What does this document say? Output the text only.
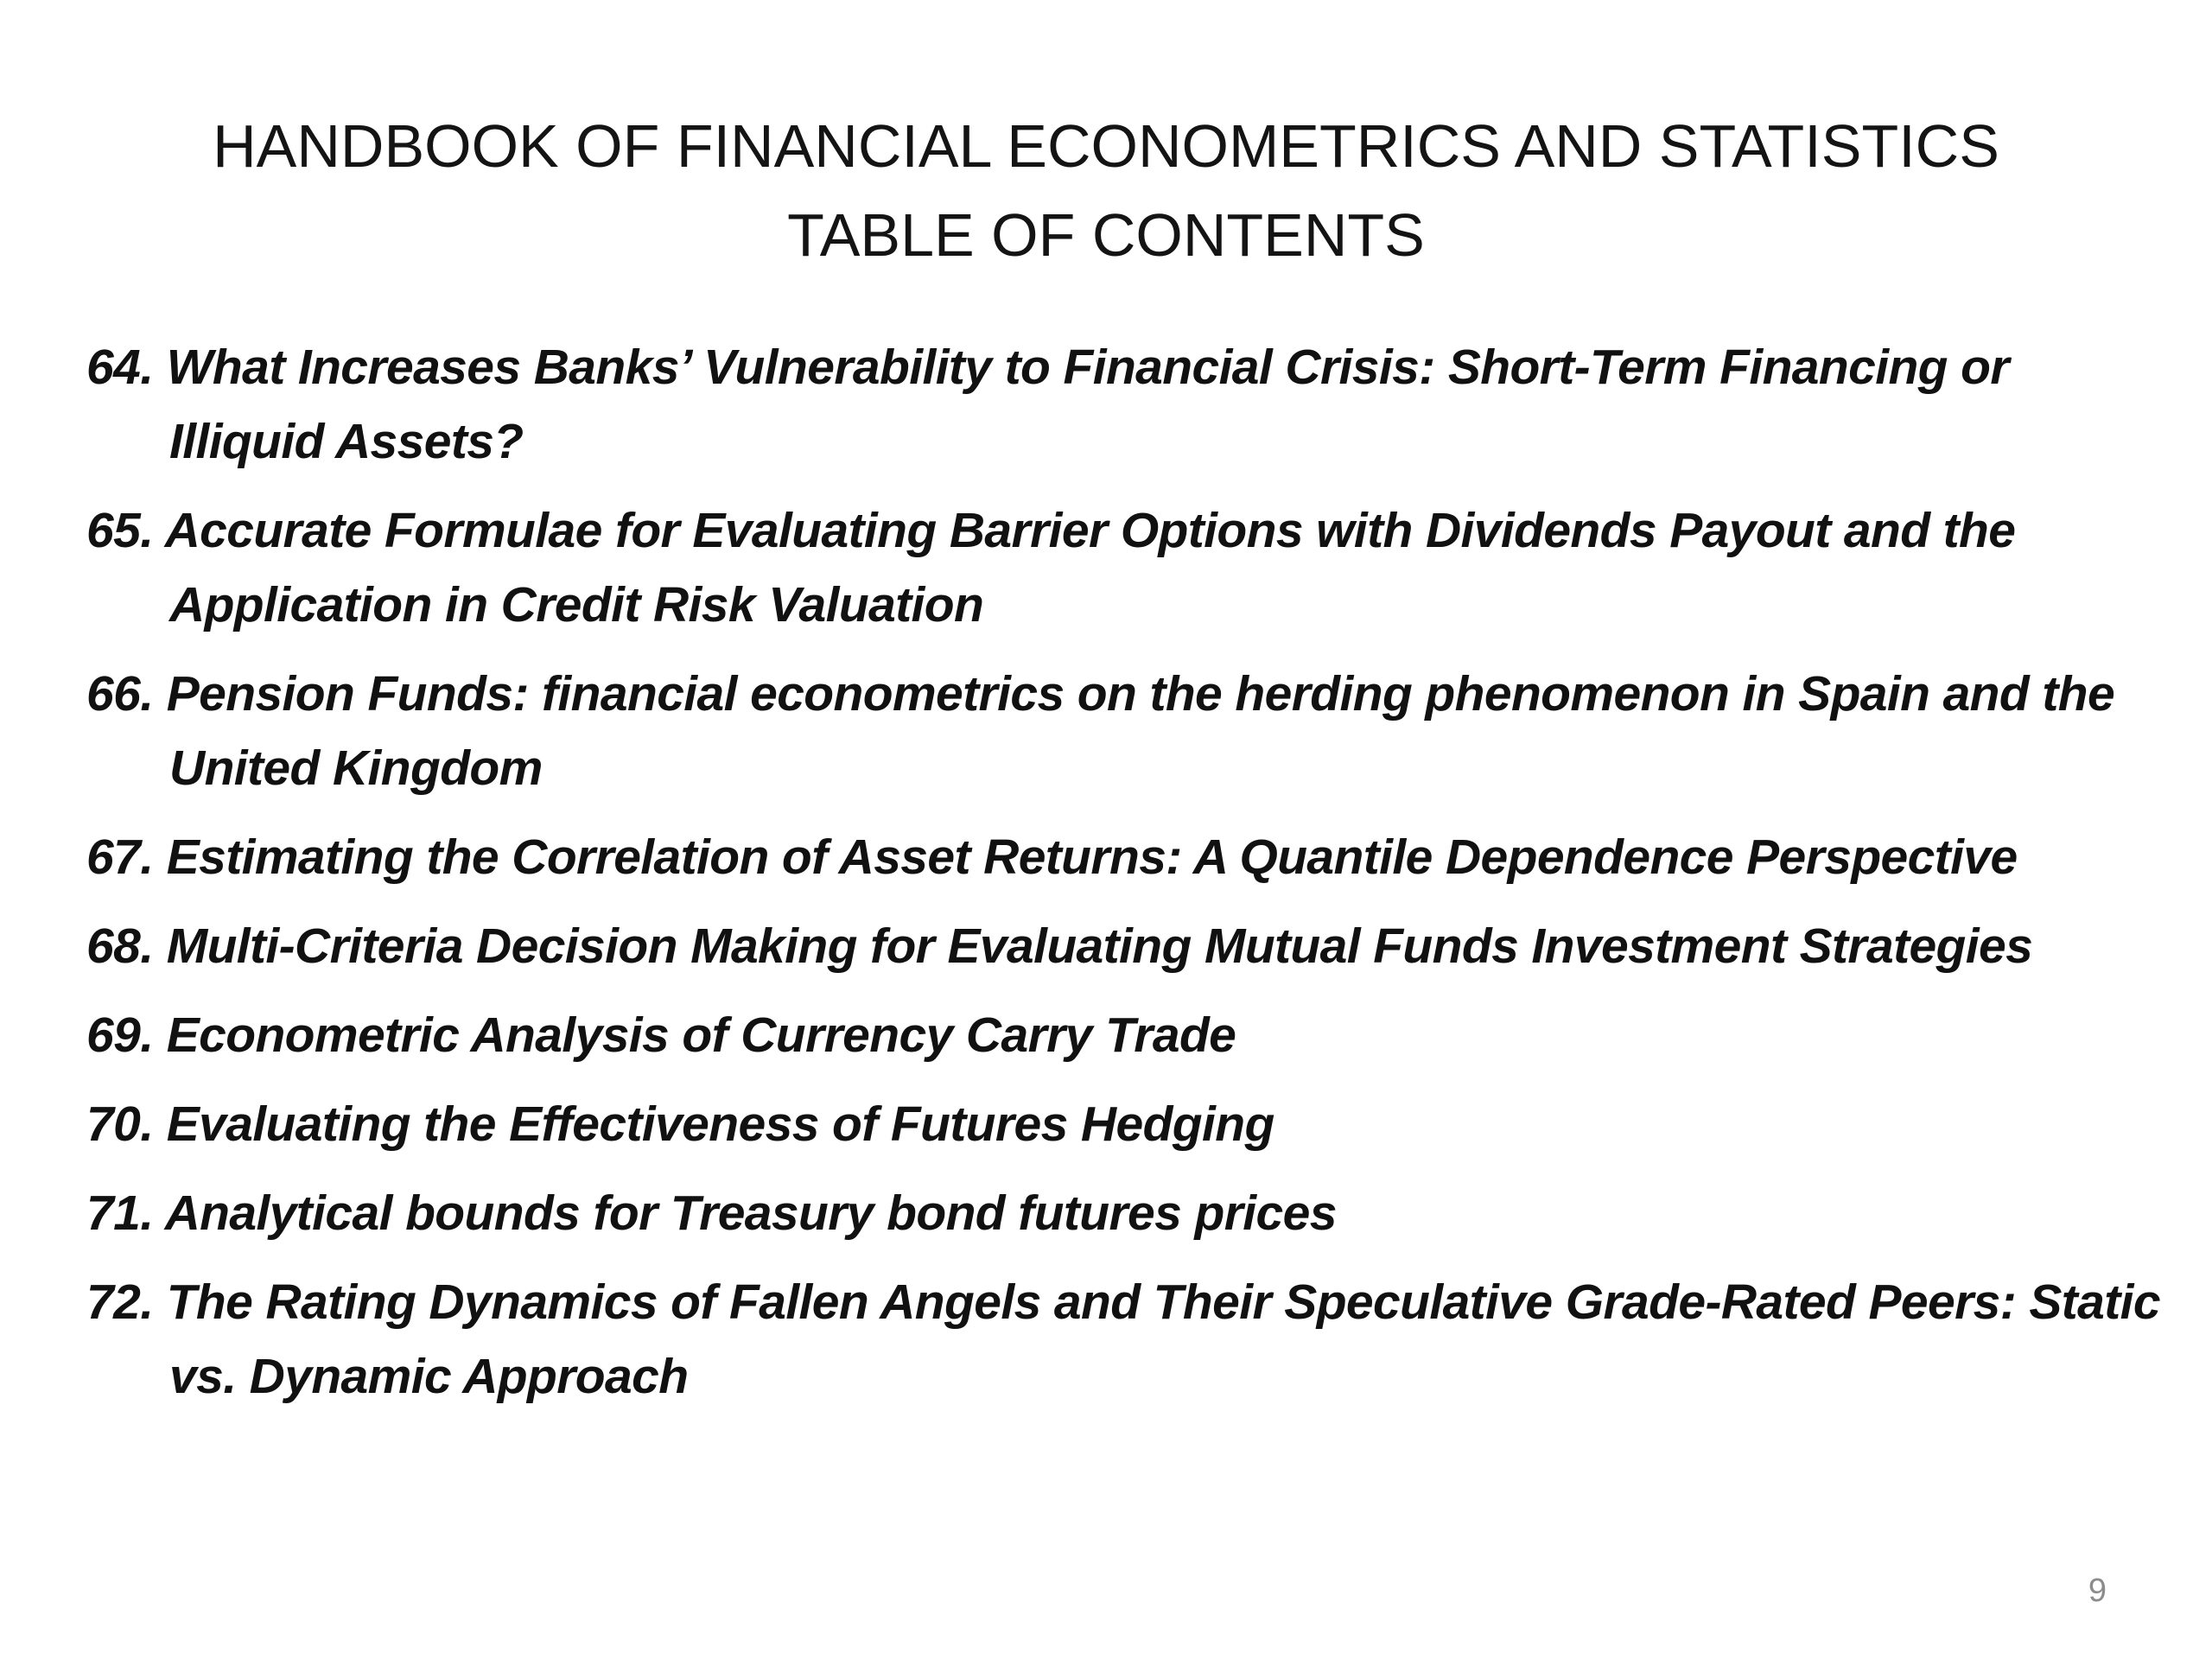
HANDBOOK OF FINANCIAL ECONOMETRICS AND STATISTICS
TABLE OF CONTENTS
64. What Increases Banks’ Vulnerability to Financial Crisis: Short-Term Financing or Illiquid Assets?
65. Accurate Formulae for Evaluating Barrier Options with Dividends Payout and the Application in Credit Risk Valuation
66. Pension Funds: financial econometrics on the herding phenomenon in Spain and the United Kingdom
67. Estimating the Correlation of Asset Returns: A Quantile Dependence Perspective
68. Multi-Criteria Decision Making for Evaluating Mutual Funds Investment Strategies
69. Econometric Analysis of Currency Carry Trade
70. Evaluating the Effectiveness of Futures Hedging
71. Analytical bounds for Treasury bond futures prices
72. The Rating Dynamics of Fallen Angels and Their Speculative Grade-Rated Peers: Static vs. Dynamic Approach
9
